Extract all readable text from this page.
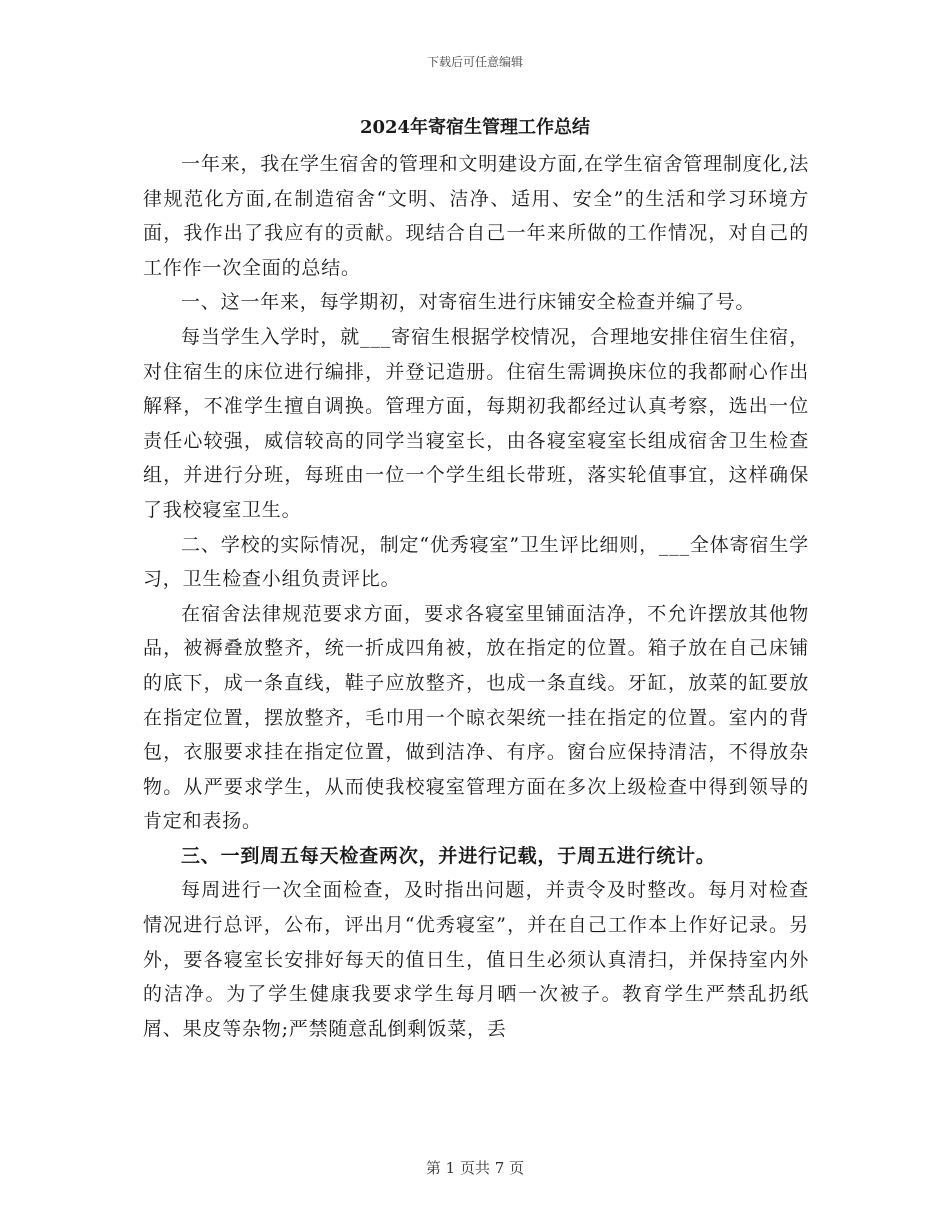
下载后可任意编辑
2024年寄宿生管理工作总结

一年来，我在学生宿舍的管理和文明建设方面,在学生宿舍管理制度化,法律规范化方面,在制造宿舍“文明、洁净、适用、安全”的生活和学习环境方面，我作出了我应有的贡献。现结合自己一年来所做的工作情况，对自己的工作作一次全面的总结。

一、这一年来，每学期初，对寄宿生进行床铺安全检查并编了号。

每当学生入学时，就___寄宿生根据学校情况，合理地安排住宿生住宿，对住宿生的床位进行编排，并登记造册。住宿生需调换床位的我都耐心作出解释，不准学生擅自调换。管理方面，每期初我都经过认真考察，选出一位责任心较强，威信较高的同学当寝室长，由各寝室寝室长组成宿舍卫生检查组，并进行分班，每班由一位一个学生组长带班，落实轮值事宜，这样确保了我校寝室卫生。

二、学校的实际情况，制定“优秀寝室”卫生评比细则，___全体寄宿生学习，卫生检查小组负责评比。

在宿舍法律规范要求方面，要求各寝室里铺面洁净，不允许摆放其他物品，被褥叠放整齐，统一折成四角被，放在指定的位置。箱子放在自己床铺的底下，成一条直线，鞋子应放整齐，也成一条直线。牙缸，放菜的缸要放在指定位置，摆放整齐，毛巾用一个晾衣架统一挂在指定的位置。室内的背包，衣服要求挂在指定位置，做到洁净、有序。窗台应保持清洁，不得放杂物。从严要求学生，从而使我校寝室管理方面在多次上级检查中得到领导的肯定和表扬。

三、一到周五每天检查两次，并进行记载，于周五进行统计。

每周进行一次全面检查，及时指出问题，并责令及时整改。每月对检查情况进行总评，公布，评出月“优秀寝室”，并在自己工作本上作好记录。另外，要各寝室长安排好每天的值日生，值日生必须认真清扫，并保持室内外的洁净。为了学生健康我要求学生每月晒一次被子。教育学生严禁乱扔纸屑、果皮等杂物;严禁随意乱倒剩饭菜，丢

第 1 页共 7 页
